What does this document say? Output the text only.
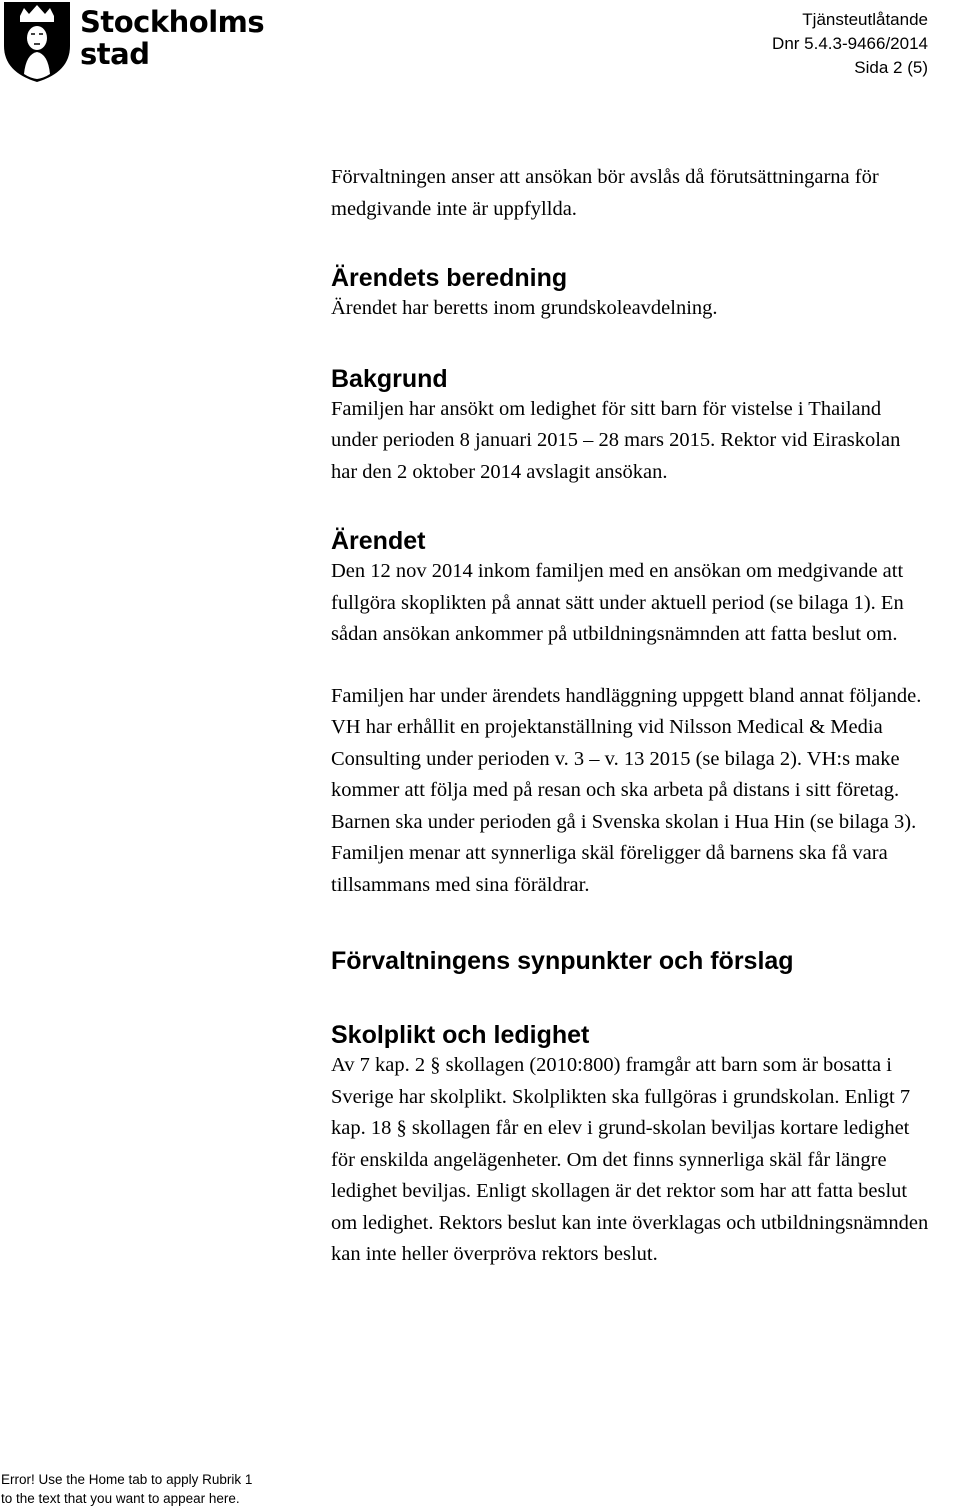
Stockholms
stad
Tjänsteutlåtande
Dnr 5.4.3-9466/2014
Sida 2 (5)

Förvaltningen anser att ansökan bör avslås då förutsättningarna för medgivande inte är uppfyllda.

Ärendets beredning

Ärendet har beretts inom grundskoleavdelning.

Bakgrund

Familjen har ansökt om ledighet för sitt barn för vistelse i Thailand under perioden 8 januari 2015 – 28 mars 2015. Rektor vid Eiraskolan har den 2 oktober 2014 avslagit ansökan.

Ärendet

Den 12 nov 2014 inkom familjen med en ansökan om medgivande att fullgöra skoplikten på annat sätt under aktuell period (se bilaga 1). En sådan ansökan ankommer på utbildningsnämnden att fatta beslut om.

Familjen har under ärendets handläggning uppgett bland annat följande. VH har erhållit en projektanställning vid Nilsson Medical & Media Consulting under perioden v. 3 – v. 13 2015 (se bilaga 2). VH:s make kommer att följa med på resan och ska arbeta på distans i sitt företag. Barnen ska under perioden gå i Svenska skolan i Hua Hin (se bilaga 3). Familjen menar att synnerliga skäl föreligger då barnens ska få vara tillsammans med sina föräldrar.

Förvaltningens synpunkter och förslag
Skolplikt och ledighet

Av 7 kap. 2 § skollagen (2010:800) framgår att barn som är bosatta i Sverige har skolplikt. Skolplikten ska fullgöras i grundskolan. Enligt 7 kap. 18 § skollagen får en elev i grund-skolan beviljas kortare ledighet för enskilda angelägenheter. Om det finns synnerliga skäl får längre ledighet beviljas. Enligt skollagen är det rektor som har att fatta beslut om ledighet. Rektors beslut kan inte överklagas och utbildningsnämnden kan inte heller överpröva rektors beslut.

Error! Use the Home tab to apply Rubrik 1
to the text that you want to appear here.
